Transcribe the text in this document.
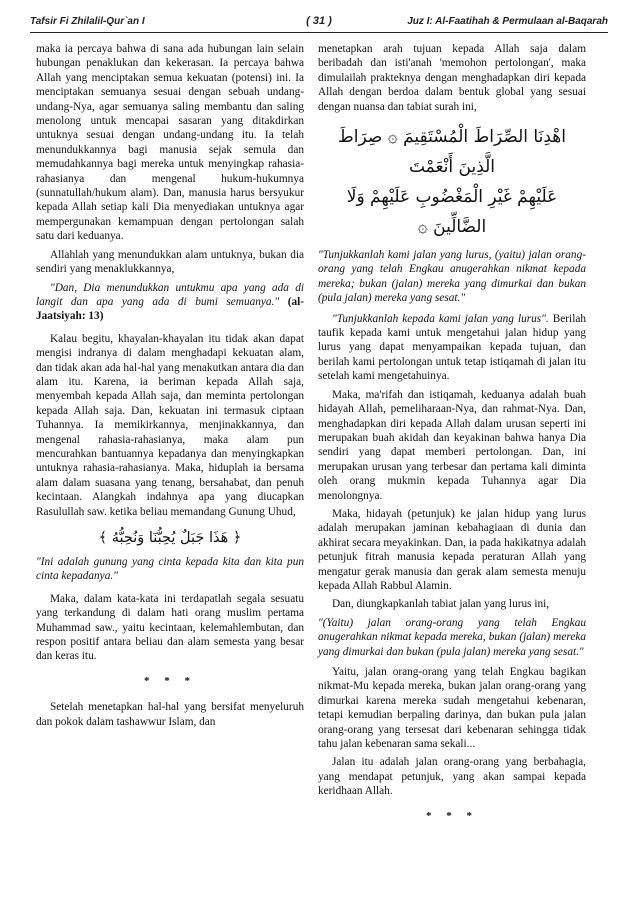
Tafsir Fi Zhilalil-Qur`an I	( 31 )	Juz I: Al-Faatihah & Permulaan al-Baqarah

maka ia percaya bahwa di sana ada hubungan lain selain hubungan penaklukan dan kekerasan. Ia percaya bahwa Allah yang menciptakan semua kekuatan (potensi) ini. Ia menciptakan semuanya sesuai dengan sebuah undang-undang-Nya, agar semuanya saling membantu dan saling menolong untuk mencapai sasaran yang ditakdirkan untuknya sesuai dengan undang-undang itu. Ia telah menundukkannya bagi manusia sejak semula dan memudahkannya bagi mereka untuk menyingkap rahasia-rahasianya dan mengenal hukum-hukumnya (sunnatullah/hukum alam). Dan, manusia harus bersyukur kepada Allah setiap kali Dia menyediakan untuknya agar mempergunakan kemampuan dengan pertolongan salah satu dari keduanya.

Allahlah yang menundukkan alam untuknya, bukan dia sendiri yang menaklukkannya,

"Dan, Dia menundukkan untukmu apa yang ada di langit dan apa yang ada di bumi semuanya." (al-Jaatsiyah: 13)

Kalau begitu, khayalan-khayalan itu tidak akan dapat mengisi indranya di dalam menghadapi kekuatan alam, dan tidak akan ada hal-hal yang menakutkan antara dia dan alam itu. Karena, ia beriman kepada Allah saja, menyembah kepada Allah saja, dan meminta pertolongan kepada Allah saja. Dan, kekuatan ini termasuk ciptaan Tuhannya. Ia memikirkannya, menjinakkannya, dan mengenal rahasia-rahasianya, maka alam pun mencurahkan bantuannya kepadanya dan menyingkapkan untuknya rahasia-rahasianya. Maka, hiduplah ia bersama alam dalam suasana yang tenang, bersahabat, dan penuh kecintaan. Alangkah indahnya apa yang diucapkan Rasulullah saw. ketika beliau memandang Gunung Uhud,

﴿ هَذَا جَبَلٌ يُحِبُّنَا وَنُحِبُّهُ ﴾

"Ini adalah gunung yang cinta kepada kita dan kita pun cinta kepadanya."

Maka, dalam kata-kata ini terdapatlah segala sesuatu yang terkandung di dalam hati orang muslim pertama Muhammad saw., yaitu kecintaan, kelemahlembutan, dan respon positif antara beliau dan alam semesta yang besar dan keras itu.

* * *

Setelah menetapkan hal-hal yang bersifat menyeluruh dan pokok dalam tashawwur Islam, dan

menetapkan arah tujuan kepada Allah saja dalam beribadah dan isti'anah 'memohon pertolongan', maka dimulailah prakteknya dengan menghadapkan diri kepada Allah dengan berdoa dalam bentuk global yang sesuai dengan nuansa dan tabiat surah ini,

اهْدِنَا الصِّرَاطَ الْمُسْتَقِيمَ ۞ صِرَاطَ الَّذِينَ أَنْعَمْتَ
عَلَيْهِمْ غَيْرِ الْمَغْضُوبِ عَلَيْهِمْ وَلَا الضَّالِّينَ ۞

"Tunjukkanlah kami jalan yang lurus, (yaitu) jalan orang-orang yang telah Engkau anugerahkan nikmat kepada mereka; bukan (jalan) mereka yang dimurkai dan bukan (pula jalan) mereka yang sesat."

"Tunjukkanlah kepada kami jalan yang lurus". Berilah taufik kepada kami untuk mengetahui jalan hidup yang lurus yang dapat menyampaikan kepada tujuan, dan berilah kami pertolongan untuk tetap istiqamah di jalan itu setelah kami mengetahuinya.

Maka, ma'rifah dan istiqamah, keduanya adalah buah hidayah Allah, pemeliharaan-Nya, dan rahmat-Nya. Dan, menghadapkan diri kepada Allah dalam urusan seperti ini merupakan buah akidah dan keyakinan bahwa hanya Dia sendiri yang dapat memberi pertolongan. Dan, ini merupakan urusan yang terbesar dan pertama kali diminta oleh orang mukmin kepada Tuhannya agar Dia menolongnya.

Maka, hidayah (petunjuk) ke jalan hidup yang lurus adalah merupakan jaminan kebahagiaan di dunia dan akhirat secara meyakinkan. Dan, ia pada hakikatnya adalah petunjuk fitrah manusia kepada peraturan Allah yang mengatur gerak manusia dan gerak alam semesta menuju kepada Allah Rabbul Alamin.

Dan, diungkapkanlah tabiat jalan yang lurus ini,

"(Yaitu) jalan orang-orang yang telah Engkau anugerahkan nikmat kepada mereka, bukan (jalan) mereka yang dimurkai dan bukan (pula jalan) mereka yang sesat."

Yaitu, jalan orang-orang yang telah Engkau bagikan nikmat-Mu kepada mereka, bukan jalan orang-orang yang dimurkai karena mereka sudah mengetahui kebenaran, tetapi kemudian berpaling darinya, dan bukan pula jalan orang-orang yang tersesat dari kebenaran sehingga tidak tahu jalan kebenaran sama sekali...

Jalan itu adalah jalan orang-orang yang berbahagia, yang mendapat petunjuk, yang akan sampai kepada keridhaan Allah.

* * *
